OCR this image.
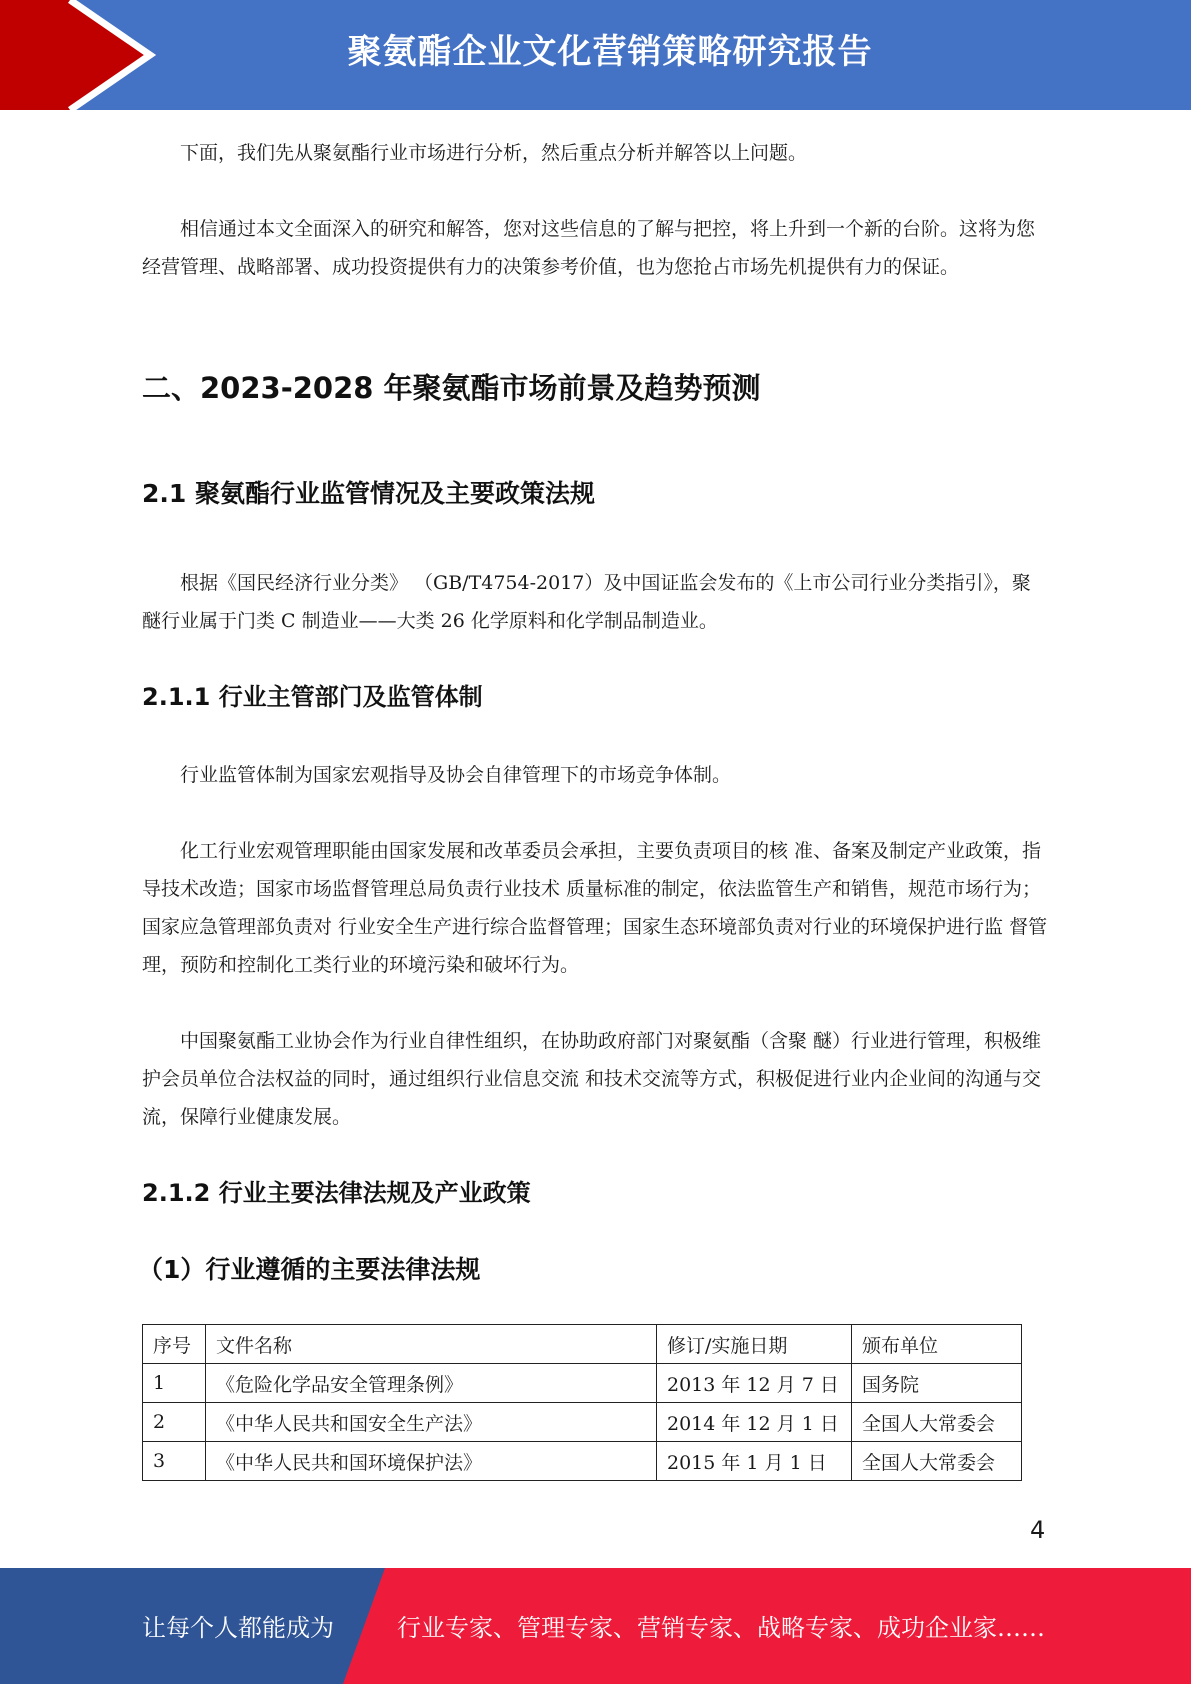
聚氨酯企业文化营销策略研究报告

下面，我们先从聚氨酯行业市场进行分析，然后重点分析并解答以上问题。

相信通过本文全面深入的研究和解答，您对这些信息的了解与把控，将上升到一个新的台阶。这将为您经营管理、战略部署、成功投资提供有力的决策参考价值，也为您抢占市场先机提供有力的保证。

二、2023-2028 年聚氨酯市场前景及趋势预测
2.1 聚氨酯行业监管情况及主要政策法规

根据《国民经济行业分类》 （GB/T4754-2017）及中国证监会发布的《上市公司行业分类指引》，聚醚行业属于门类 C 制造业——大类 26 化学原料和化学制品制造业。

2.1.1 行业主管部门及监管体制

行业监管体制为国家宏观指导及协会自律管理下的市场竞争体制。

化工行业宏观管理职能由国家发展和改革委员会承担，主要负责项目的核 准、备案及制定产业政策，指导技术改造；国家市场监督管理总局负责行业技术 质量标准的制定，依法监管生产和销售，规范市场行为；国家应急管理部负责对 行业安全生产进行综合监督管理；国家生态环境部负责对行业的环境保护进行监 督管理，预防和控制化工类行业的环境污染和破坏行为。

中国聚氨酯工业协会作为行业自律性组织，在协助政府部门对聚氨酯（含聚 醚）行业进行管理，积极维护会员单位合法权益的同时，通过组织行业信息交流 和技术交流等方式，积极促进行业内企业间的沟通与交流，保障行业健康发展。

2.1.2 行业主要法律法规及产业政策
（1）行业遵循的主要法律法规
序号	文件名称	修订/实施日期	颁布单位
1	《危险化学品安全管理条例》	2013 年 12 月 7 日	国务院
2	《中华人民共和国安全生产法》	2014 年 12 月 1 日	全国人大常委会
3	《中华人民共和国环境保护法》	2015 年 1 月 1 日	全国人大常委会
4
让每个人都能成为	行业专家、管理专家、营销专家、战略专家、成功企业家……
